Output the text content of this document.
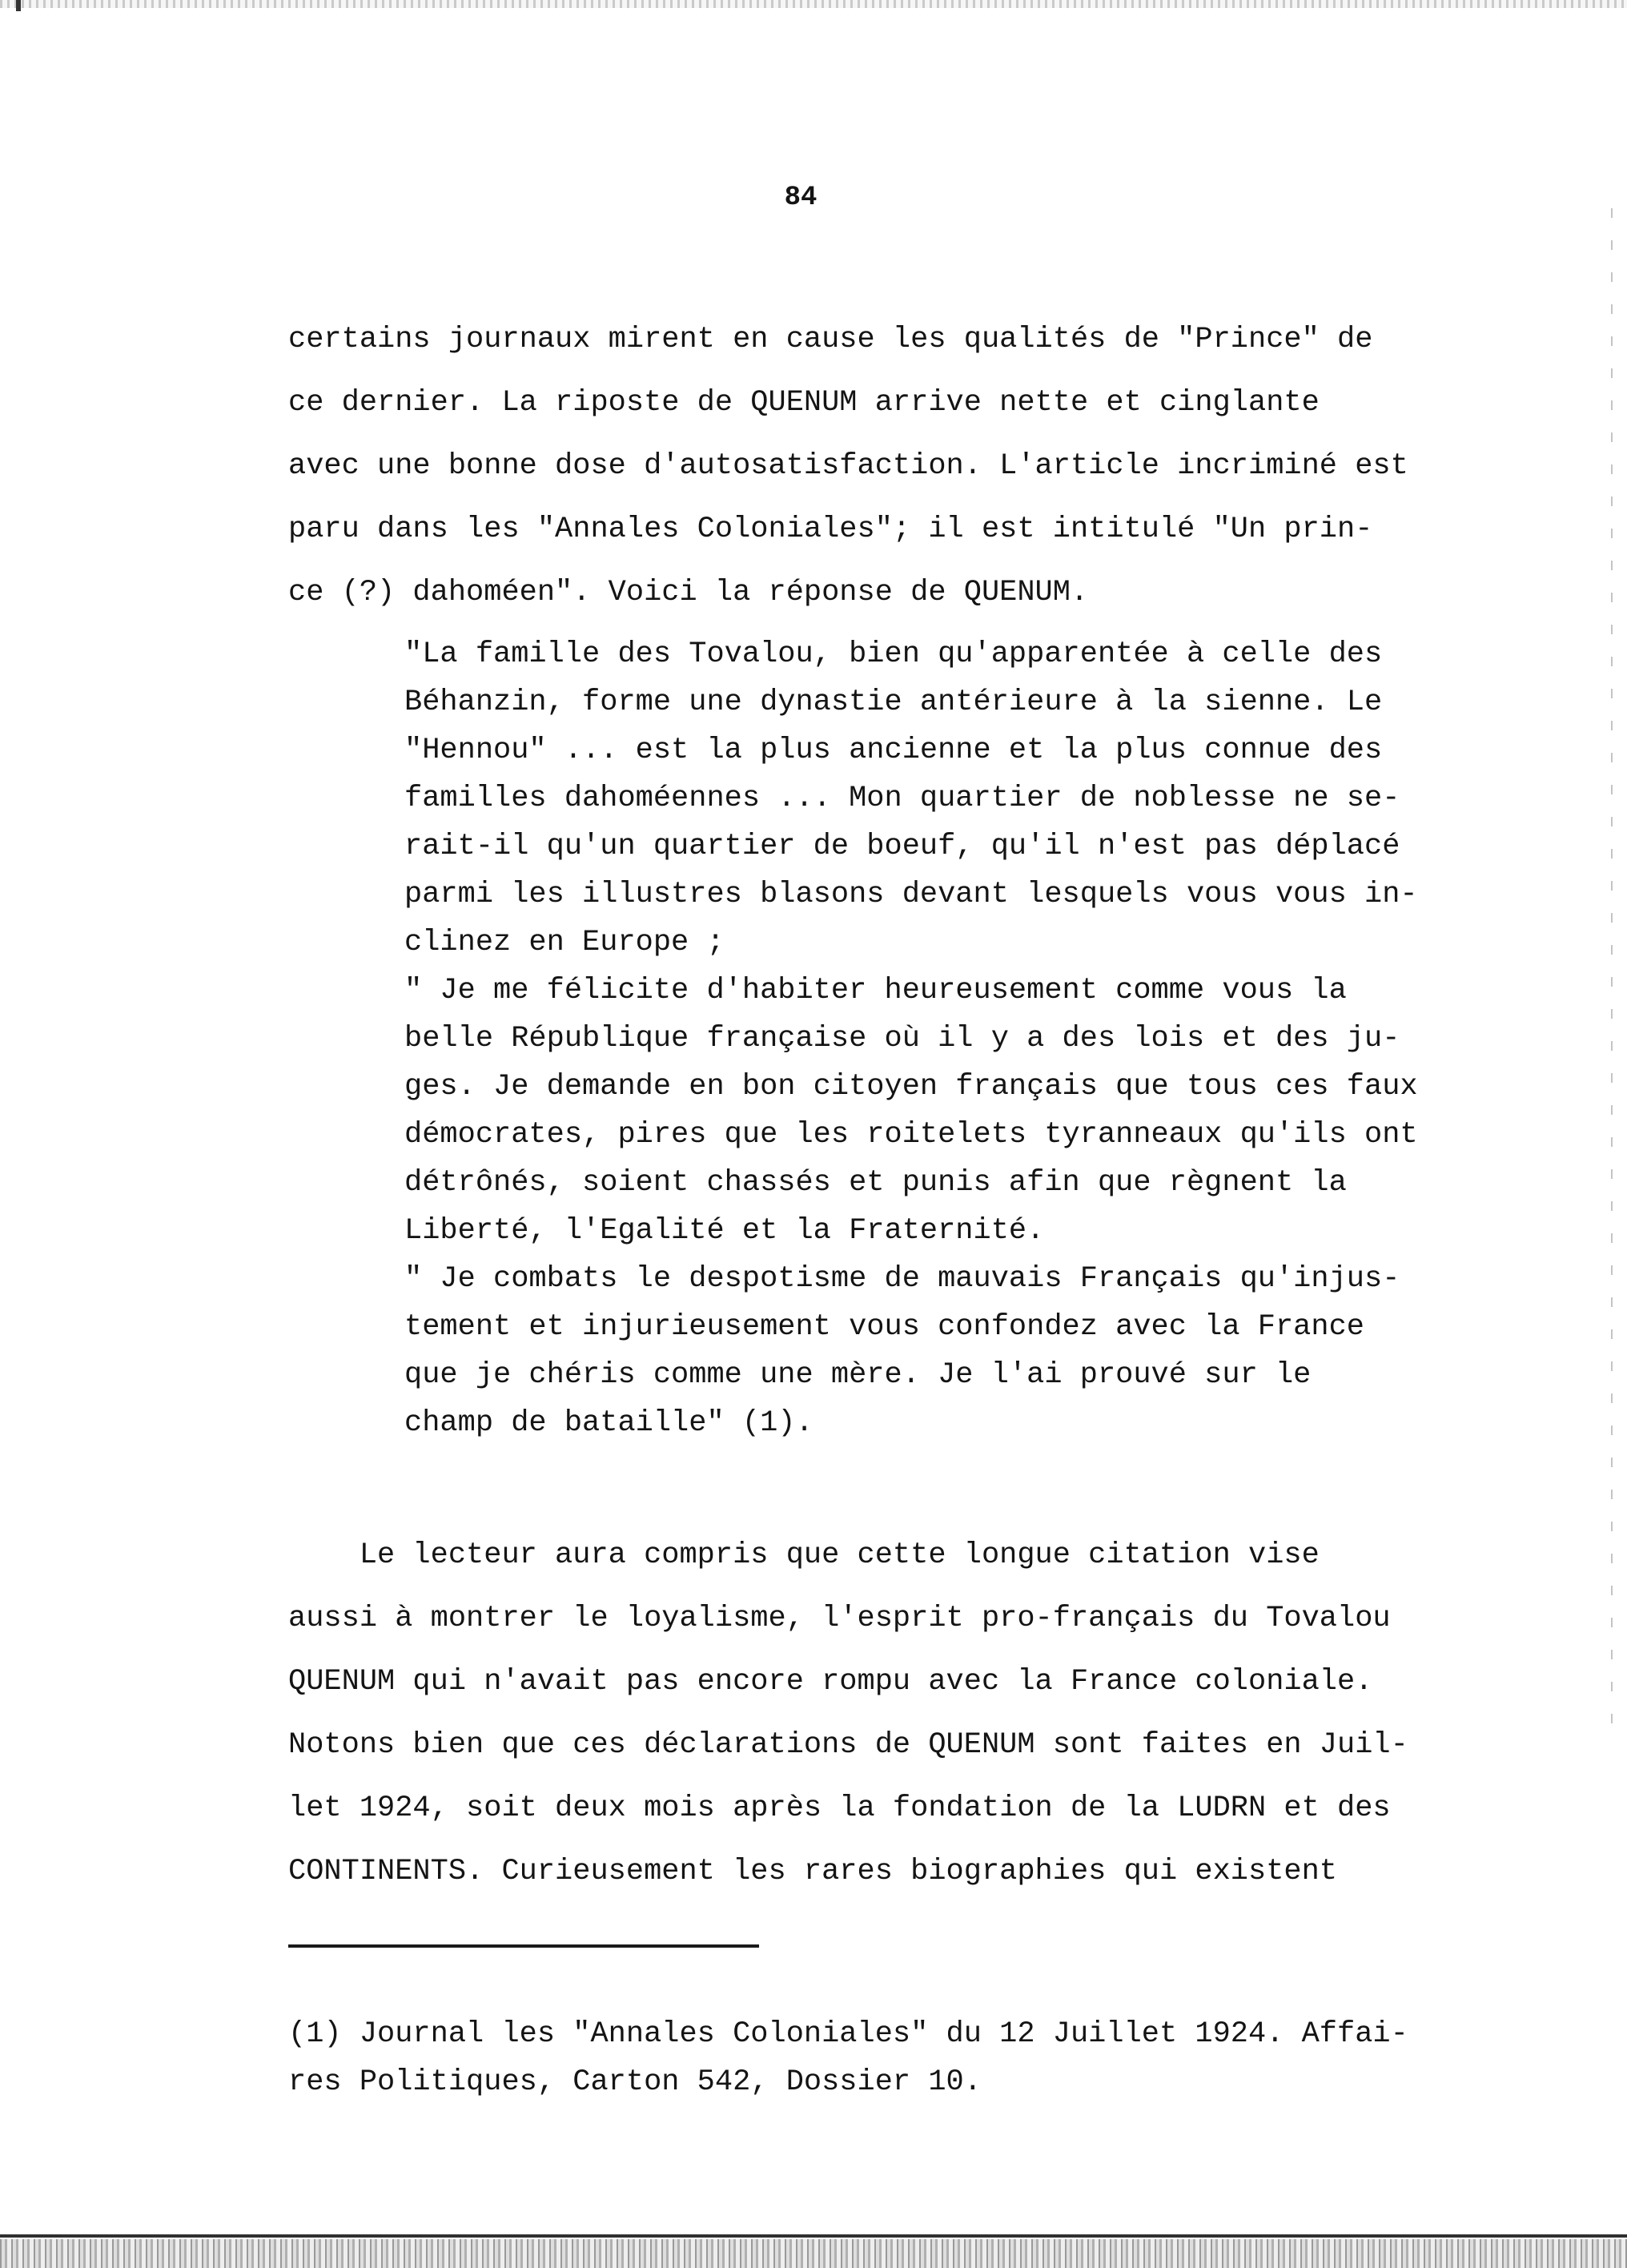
84
certains journaux mirent en cause les qualités de "Prince" de
ce dernier. La riposte de QUENUM arrive nette et cinglante
avec une bonne dose d'autosatisfaction. L'article incriminé est
paru dans les "Annales Coloniales"; il est intitulé "Un prin-
ce (?) dahoméen". Voici la réponse de QUENUM.
"La famille des Tovalou, bien qu'apparentée à celle des
Béhanzin, forme une dynastie antérieure à la sienne. Le
"Hennou" ... est la plus ancienne et la plus connue des
familles dahoméennes ... Mon quartier de noblesse ne se-
rait-il qu'un quartier de boeuf, qu'il n'est pas déplacé
parmi les illustres blasons devant lesquels vous vous in-
clinez en Europe ;
" Je me félicite d'habiter heureusement comme vous la
belle République française où il y a des lois et des ju-
ges. Je demande en bon citoyen français que tous ces faux
démocrates, pires que les roitelets tyranneaux qu'ils ont
détrônés, soient chassés et punis afin que règnent la
Liberté, l'Egalité et la Fraternité.
" Je combats le despotisme de mauvais Français qu'injus-
tement et injurieusement vous confondez avec la France
que je chéris comme une mère. Je l'ai prouvé sur le
champ de bataille" (1).
Le lecteur aura compris que cette longue citation vise
aussi à montrer le loyalisme, l'esprit pro-français du Tovalou
QUENUM qui n'avait pas encore rompu avec la France coloniale.
Notons bien que ces déclarations de QUENUM sont faites en Juil-
let 1924, soit deux mois après la fondation de la LUDRN et des
CONTINENTS. Curieusement les rares biographies qui existent
(1) Journal les "Annales Coloniales" du 12 Juillet 1924. Affai-
res Politiques, Carton 542, Dossier 10.
